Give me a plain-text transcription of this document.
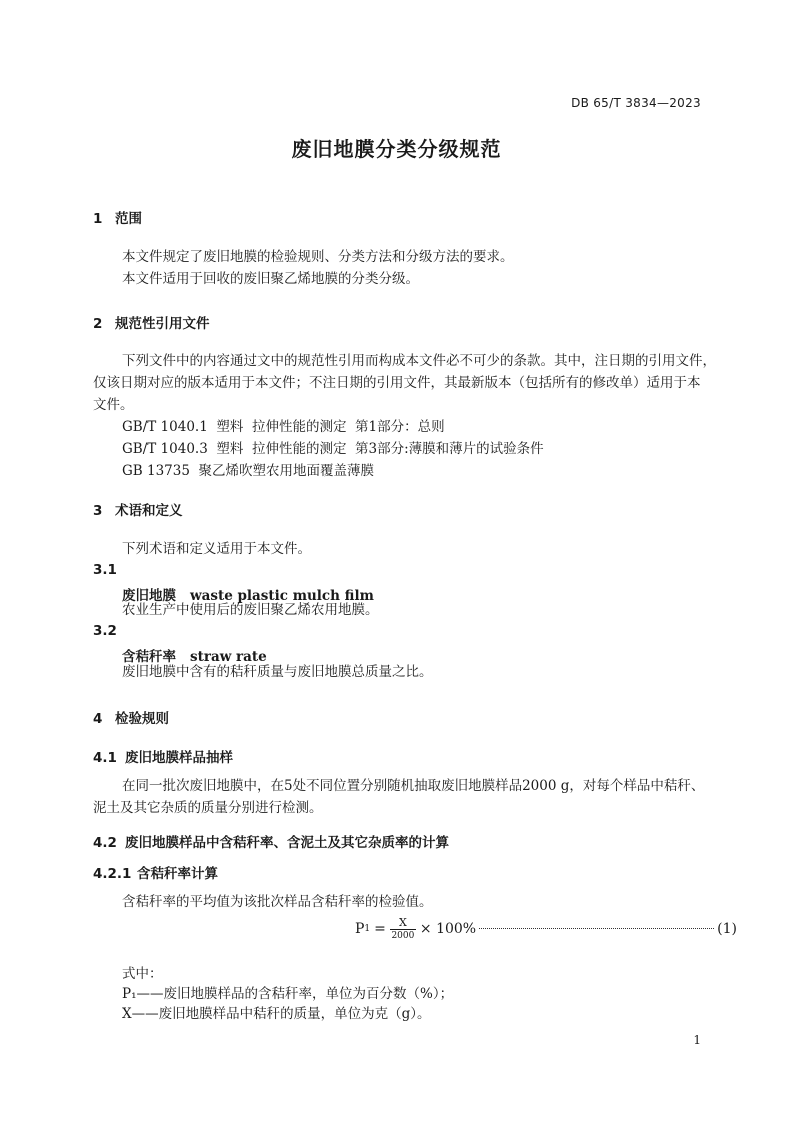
DB 65/T 3834—2023
废旧地膜分类分级规范
1 范围
本文件规定了废旧地膜的检验规则、分类方法和分级方法的要求。
本文件适用于回收的废旧聚乙烯地膜的分类分级。
2 规范性引用文件
下列文件中的内容通过文中的规范性引用而构成本文件必不可少的条款。其中，注日期的引用文件，
仅该日期对应的版本适用于本文件；不注日期的引用文件，其最新版本（包括所有的修改单）适用于本
文件。
GB/T 1040.1  塑料  拉伸性能的测定  第1部分：总则
GB/T 1040.3  塑料  拉伸性能的测定  第3部分:薄膜和薄片的试验条件
GB 13735  聚乙烯吹塑农用地面覆盖薄膜
3 术语和定义
下列术语和定义适用于本文件。
3.1
废旧地膜 waste plastic mulch film
农业生产中使用后的废旧聚乙烯农用地膜。
3.2
含秸秆率 straw rate
废旧地膜中含有的秸秆质量与废旧地膜总质量之比。
4 检验规则
4.1 废旧地膜样品抽样
在同一批次废旧地膜中，在5处不同位置分别随机抽取废旧地膜样品2000 g，对每个样品中秸秆、
泥土及其它杂质的质量分别进行检测。
4.2 废旧地膜样品中含秸秆率、含泥土及其它杂质率的计算
4.2.1 含秸秆率计算
含秸秆率的平均值为该批次样品含秸秆率的检验值。
P $1 = \frac{X}{2000} \times 100\%$	(1)
式中：
P₁——废旧地膜样品的含秸秆率，单位为百分数（%）；
X——废旧地膜样品中秸秆的质量，单位为克（g）。
1
